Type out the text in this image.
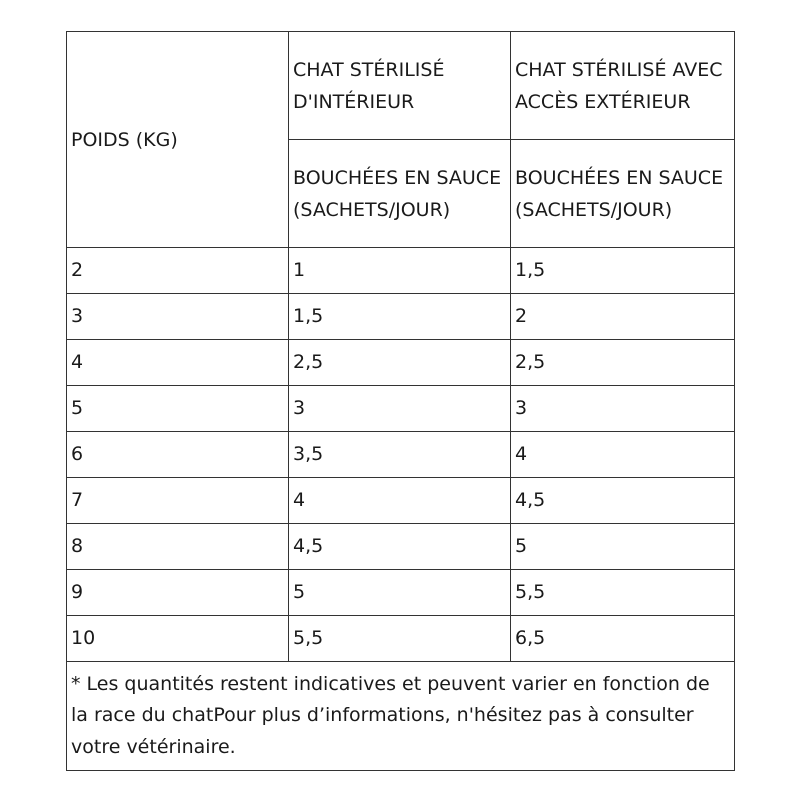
POIDS (KG)	CHAT STÉRILISÉ D'INTÉRIEUR	CHAT STÉRILISÉ AVEC ACCÈS EXTÉRIEUR

	BOUCHÉES EN SAUCE (SACHETS/JOUR)	BOUCHÉES EN SAUCE (SACHETS/JOUR)

2	1	1,5
3	1,5	2
4	2,5	2,5
5	3	3
6	3,5	4
7	4	4,5
8	4,5	5
9	5	5,5
10	5,5	6,5
* Les quantités restent indicatives et peuvent varier en fonction de la race du chatPour plus d’informations, n'hésitez pas à consulter votre vétérinaire.		
